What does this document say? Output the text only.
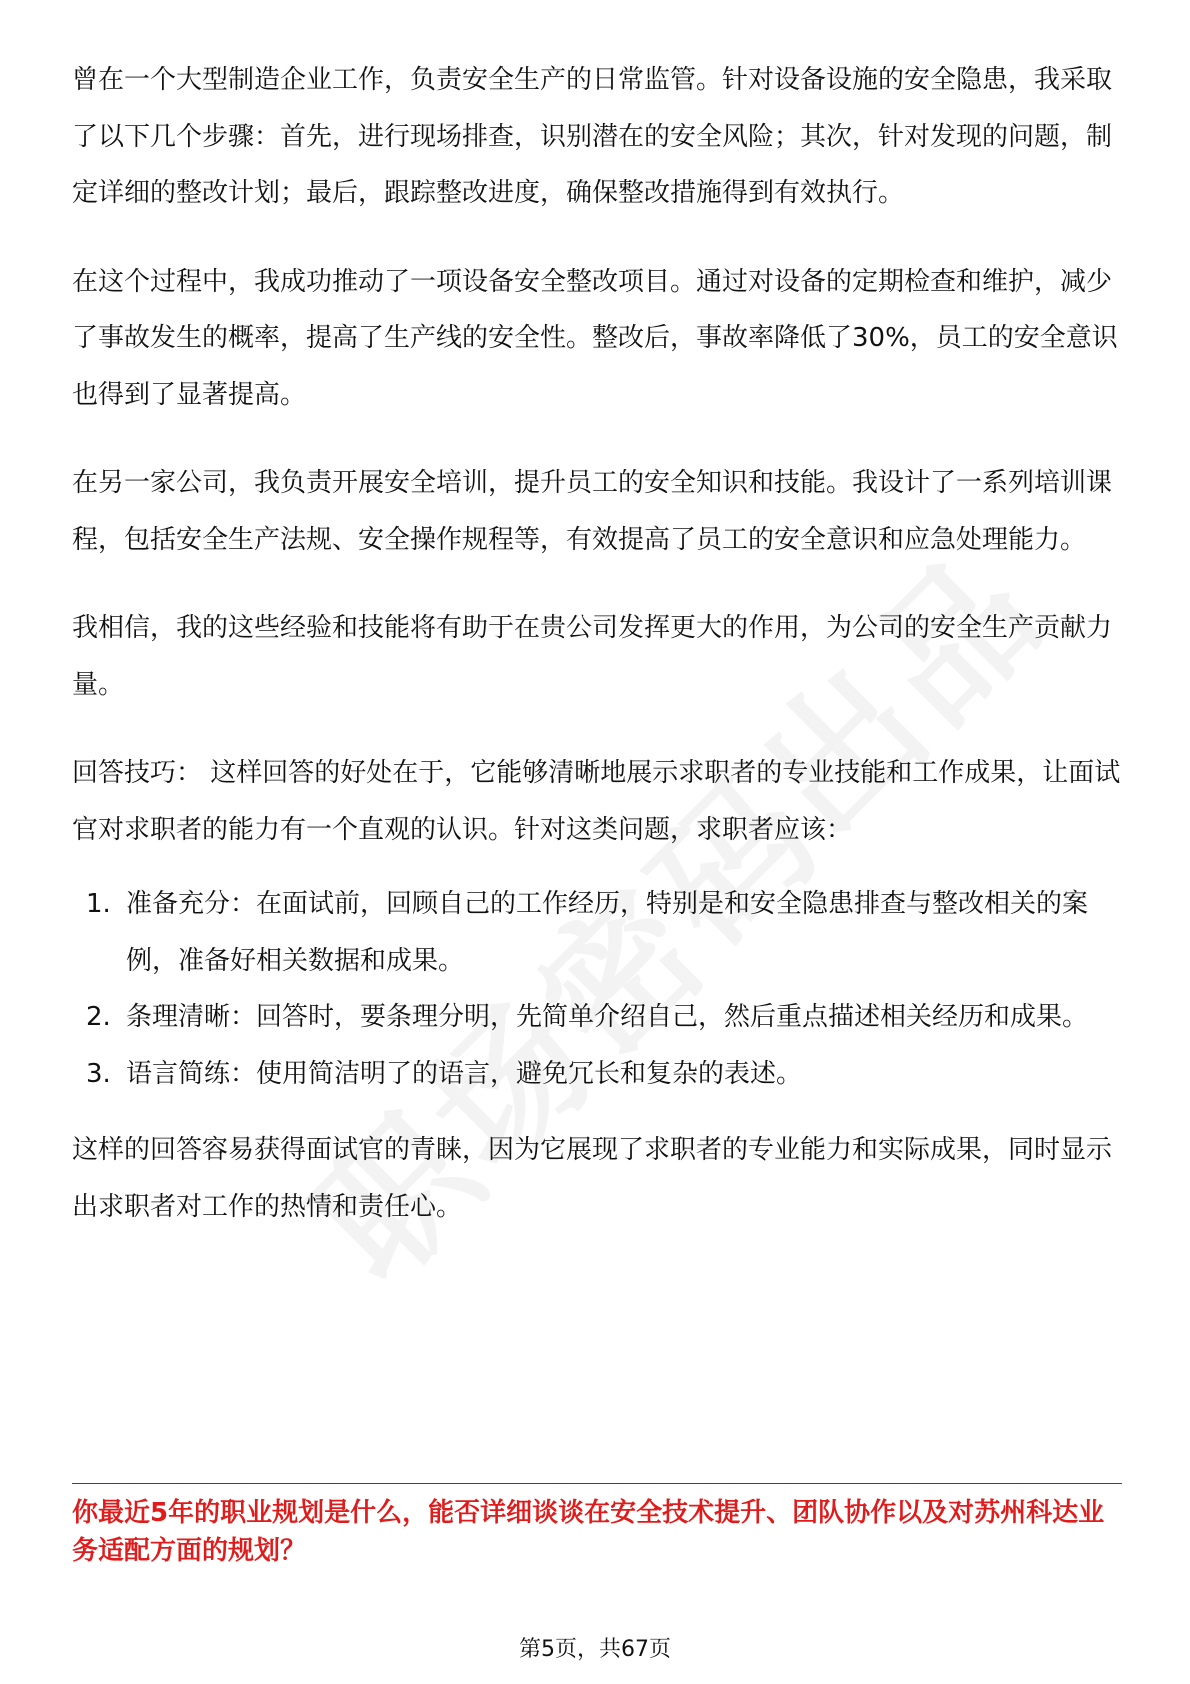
曾在一个大型制造企业工作，负责安全生产的日常监管。针对设备设施的安全隐患，我采取了以下几个步骤：首先，进行现场排查，识别潜在的安全风险；其次，针对发现的问题，制定详细的整改计划；最后，跟踪整改进度，确保整改措施得到有效执行。

在这个过程中，我成功推动了一项设备安全整改项目。通过对设备的定期检查和维护，减少了事故发生的概率，提高了生产线的安全性。整改后，事故率降低了30%，员工的安全意识也得到了显著提高。

在另一家公司，我负责开展安全培训，提升员工的安全知识和技能。我设计了一系列培训课程，包括安全生产法规、安全操作规程等，有效提高了员工的安全意识和应急处理能力。

我相信，我的这些经验和技能将有助于在贵公司发挥更大的作用，为公司的安全生产贡献力量。

回答技巧： 这样回答的好处在于，它能够清晰地展示求职者的专业技能和工作成果，让面试官对求职者的能力有一个直观的认识。针对这类问题，求职者应该：

1. 准备充分：在面试前，回顾自己的工作经历，特别是和安全隐患排查与整改相关的案例，准备好相关数据和成果。
2. 条理清晰：回答时，要条理分明，先简单介绍自己，然后重点描述相关经历和成果。
3. 语言简练：使用简洁明了的语言，避免冗长和复杂的表述。

这样的回答容易获得面试官的青睐，因为它展现了求职者的专业能力和实际成果，同时显示出求职者对工作的热情和责任心。

你最近5年的职业规划是什么，能否详细谈谈在安全技术提升、团队协作以及对苏州科达业务适配方面的规划？

第5页，共67页
